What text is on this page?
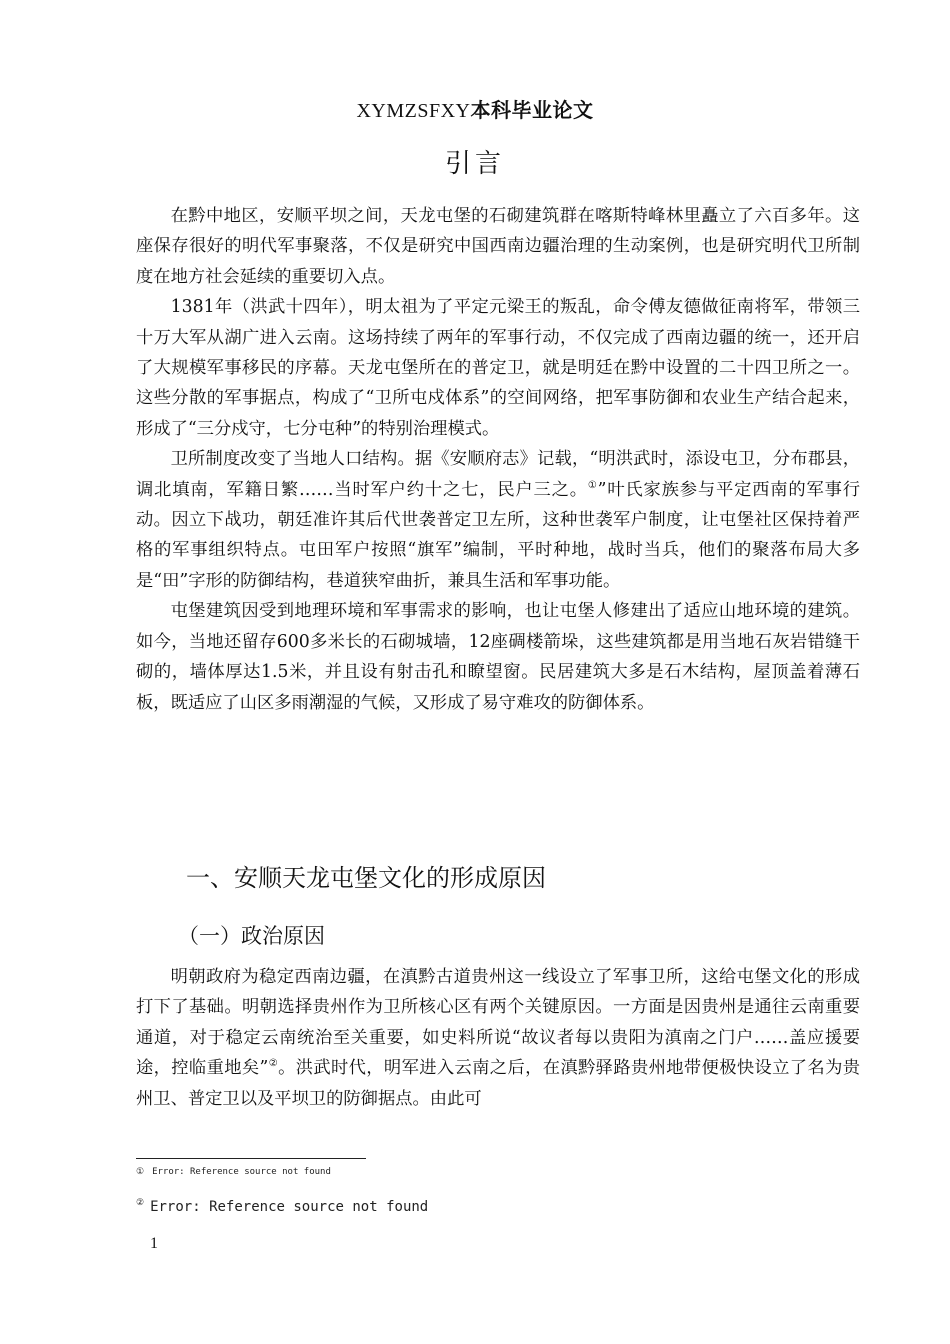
XYMZSFXY本科毕业论文
引言

在黔中地区，安顺平坝之间，天龙屯堡的石砌建筑群在喀斯特峰林里矗立了六百多年。这座保存很好的明代军事聚落，不仅是研究中国西南边疆治理的生动案例，也是研究明代卫所制度在地方社会延续的重要切入点。

1381年（洪武十四年），明太祖为了平定元梁王的叛乱，命令傅友德做征南将军，带领三十万大军从湖广进入云南。这场持续了两年的军事行动，不仅完成了西南边疆的统一，还开启了大规模军事移民的序幕。天龙屯堡所在的普定卫，就是明廷在黔中设置的二十四卫所之一。这些分散的军事据点，构成了“卫所屯戍体系”的空间网络，把军事防御和农业生产结合起来，形成了“三分戍守，七分屯种”的特别治理模式。

卫所制度改变了当地人口结构。据《安顺府志》记载，“明洪武时，添设屯卫，分布郡县，调北填南，军籍日繁……当时军户约十之七，民户三之。①”叶氏家族参与平定西南的军事行动。因立下战功，朝廷准许其后代世袭普定卫左所，这种世袭军户制度，让屯堡社区保持着严格的军事组织特点。屯田军户按照“旗军”编制，平时种地，战时当兵，他们的聚落布局大多是“田”字形的防御结构，巷道狭窄曲折，兼具生活和军事功能。

屯堡建筑因受到地理环境和军事需求的影响，也让屯堡人修建出了适应山地环境的建筑。如今，当地还留存600多米长的石砌城墙，12座碉楼箭垛，这些建筑都是用当地石灰岩错缝干砌的，墙体厚达1.5米，并且设有射击孔和瞭望窗。民居建筑大多是石木结构，屋顶盖着薄石板，既适应了山区多雨潮湿的气候，又形成了易守难攻的防御体系。

一、安顺天龙屯堡文化的形成原因
（一）政治原因

明朝政府为稳定西南边疆，在滇黔古道贵州这一线设立了军事卫所，这给屯堡文化的形成打下了基础。明朝选择贵州作为卫所核心区有两个关键原因。一方面是因贵州是通往云南重要通道，对于稳定云南统治至关重要，如史料所说“故议者每以贵阳为滇南之门户……盖应援要途，控临重地矣”②。洪武时代，明军进入云南之后，在滇黔驿路贵州地带便极快设立了名为贵州卫、普定卫以及平坝卫的防御据点。由此可

① Error: Reference source not found
② Error: Reference source not found
1
